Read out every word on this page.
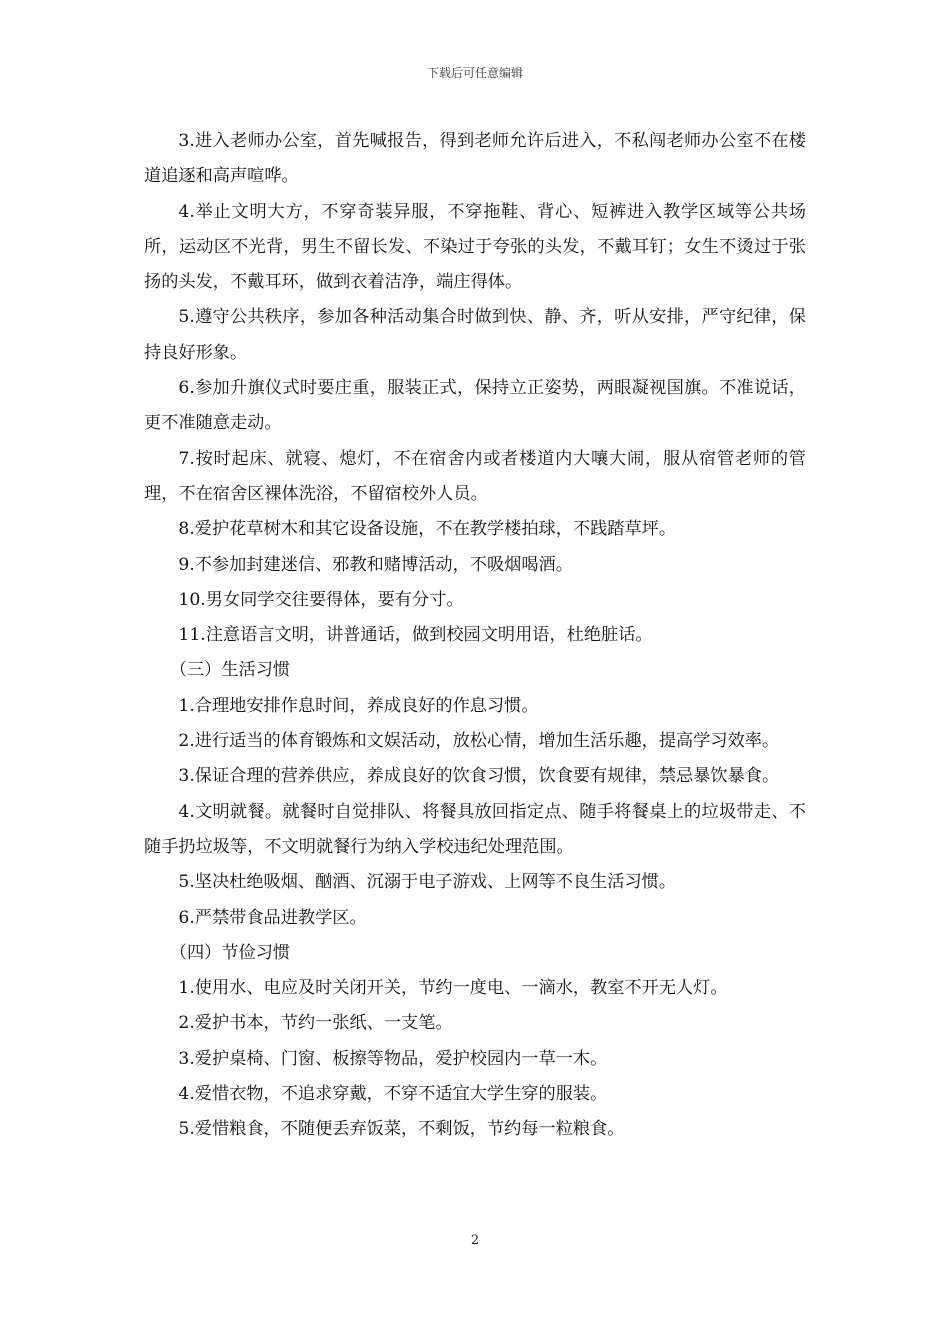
下载后可任意编辑

3.进入老师办公室，首先喊报告，得到老师允许后进入，不私闯老师办公室不在楼道追逐和高声喧哗。

4.举止文明大方，不穿奇装异服，不穿拖鞋、背心、短裤进入教学区域等公共场所，运动区不光背，男生不留长发、不染过于夸张的头发，不戴耳钉；女生不烫过于张扬的头发，不戴耳环，做到衣着洁净，端庄得体。

5.遵守公共秩序，参加各种活动集合时做到快、静、齐，听从安排，严守纪律，保持良好形象。

6.参加升旗仪式时要庄重，服装正式，保持立正姿势，两眼凝视国旗。不准说话，更不准随意走动。

7.按时起床、就寝、熄灯，不在宿舍内或者楼道内大嚷大闹，服从宿管老师的管理，不在宿舍区裸体洗浴，不留宿校外人员。

8.爱护花草树木和其它设备设施，不在教学楼拍球，不践踏草坪。

9.不参加封建迷信、邪教和赌博活动，不吸烟喝酒。

10.男女同学交往要得体，要有分寸。

11.注意语言文明，讲普通话，做到校园文明用语，杜绝脏话。

（三）生活习惯

1.合理地安排作息时间，养成良好的作息习惯。

2.进行适当的体育锻炼和文娱活动，放松心情，增加生活乐趣，提高学习效率。

3.保证合理的营养供应，养成良好的饮食习惯，饮食要有规律，禁忌暴饮暴食。

4.文明就餐。就餐时自觉排队、将餐具放回指定点、随手将餐桌上的垃圾带走、不随手扔垃圾等，不文明就餐行为纳入学校违纪处理范围。

5.坚决杜绝吸烟、酗酒、沉溺于电子游戏、上网等不良生活习惯。

6.严禁带食品进教学区。

（四）节俭习惯

1.使用水、电应及时关闭开关，节约一度电、一滴水，教室不开无人灯。

2.爱护书本，节约一张纸、一支笔。

3.爱护桌椅、门窗、板擦等物品，爱护校园内一草一木。

4.爱惜衣物，不追求穿戴，不穿不适宜大学生穿的服装。

5.爱惜粮食，不随便丢弃饭菜，不剩饭，节约每一粒粮食。

2
